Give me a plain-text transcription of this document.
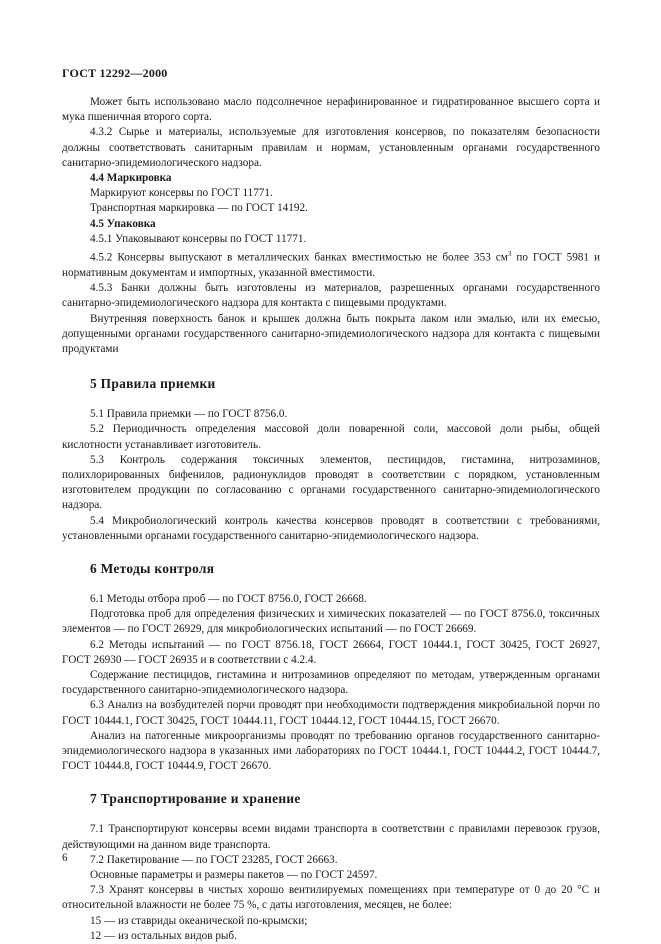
ГОСТ 12292—2000

Может быть использовано масло подсолнечное нерафинированное и гидратированное высшего сорта и мука пшеничная второго сорта.

4.3.2 Сырье и материалы, используемые для изготовления консервов, по показателям безопасности должны соответствовать санитарным правилам и нормам, установленным органами государственного санитарно-эпидемиологического надзора.

4.4 Маркировка

Маркируют консервы по ГОСТ 11771.

Транспортная маркировка — по ГОСТ 14192.

4.5 Упаковка

4.5.1 Упаковывают консервы по ГОСТ 11771.

4.5.2 Консервы выпускают в металлических банках вместимостью не более 353 $см^3$ по ГОСТ 5981 и нормативным документам и импортных, указанной вместимости.

4.5.3 Банки должны быть изготовлены из материалов, разрешенных органами государственного санитарно-эпидемиологического надзора для контакта с пищевыми продуктами.

Внутренняя поверхность банок и крышек должна быть покрыта лаком или эмалью, или их емесью, допущенными органами государственного санитарно-эпидемиологического надзора для контакта с пищевыми продуктами

5 Правила приемки

5.1 Правила приемки — по ГОСТ 8756.0.

5.2 Периодичность определения массовой доли поваренной соли, массовой доли рыбы, общей кислотности устанавливает изготовитель.

5.3 Контроль содержания токсичных элементов, пестицидов, гистамина, нитрозаминов, полихлорированных бифенилов, радионуклидов проводят в соответствии с порядком, установленным изготовителем продукции по согласованию с органами государственного санитарно-эпидемиологического надзора.

5.4 Микробиологический контроль качества консервов проводят в соответствии с требованиями, установленными органами государственного санитарно-эпидемиологического надзора.

6 Методы контроля

6.1 Методы отбора проб — по ГОСТ 8756.0, ГОСТ 26668.

Подготовка проб для определения физических и химических показателей — по ГОСТ 8756.0, токсичных элементов — по ГОСТ 26929, для микробиологических испытаний — по ГОСТ 26669.

6.2 Методы испытаний — по ГОСТ 8756.18, ГОСТ 26664, ГОСТ 10444.1, ГОСТ 30425, ГОСТ 26927, ГОСТ 26930 — ГОСТ 26935 и в соответствии с 4.2.4.

Содержание пестицидов, гистамина и нитрозаминов определяют по методам, утвержденным органами государственного санитарно-эпидемиологического надзора.

6.3 Анализ на возбудителей порчи проводят при необходимости подтверждения микробиальной порчи по ГОСТ 10444.1, ГОСТ 30425, ГОСТ 10444.11, ГОСТ 10444.12, ГОСТ 10444.15, ГОСТ 26670.

Анализ на патогенные микроорганизмы проводят по требованию органов государственного санитарно-эпидемиологического надзора в указанных ими лабораториях по ГОСТ 10444.1, ГОСТ 10444.2, ГОСТ 10444.7, ГОСТ 10444.8, ГОСТ 10444.9, ГОСТ 26670.

7 Транспортирование и хранение

7.1 Транспортируют консервы всеми видами транспорта в соответствии с правилами перевозок грузов, действующими на данном виде транспорта.

7.2 Пакетирование — по ГОСТ 23285, ГОСТ 26663.

Основные параметры и размеры пакетов — по ГОСТ 24597.

7.3 Хранят консервы в чистых хорошо вентилируемых помещениях при температуре от 0 до 20 °С и относительной влажности не более 75 %, с даты изготовления, месяцев, не более:

15 — из ставриды океанической по-крымски;

12 — из остальных видов рыб.

6
